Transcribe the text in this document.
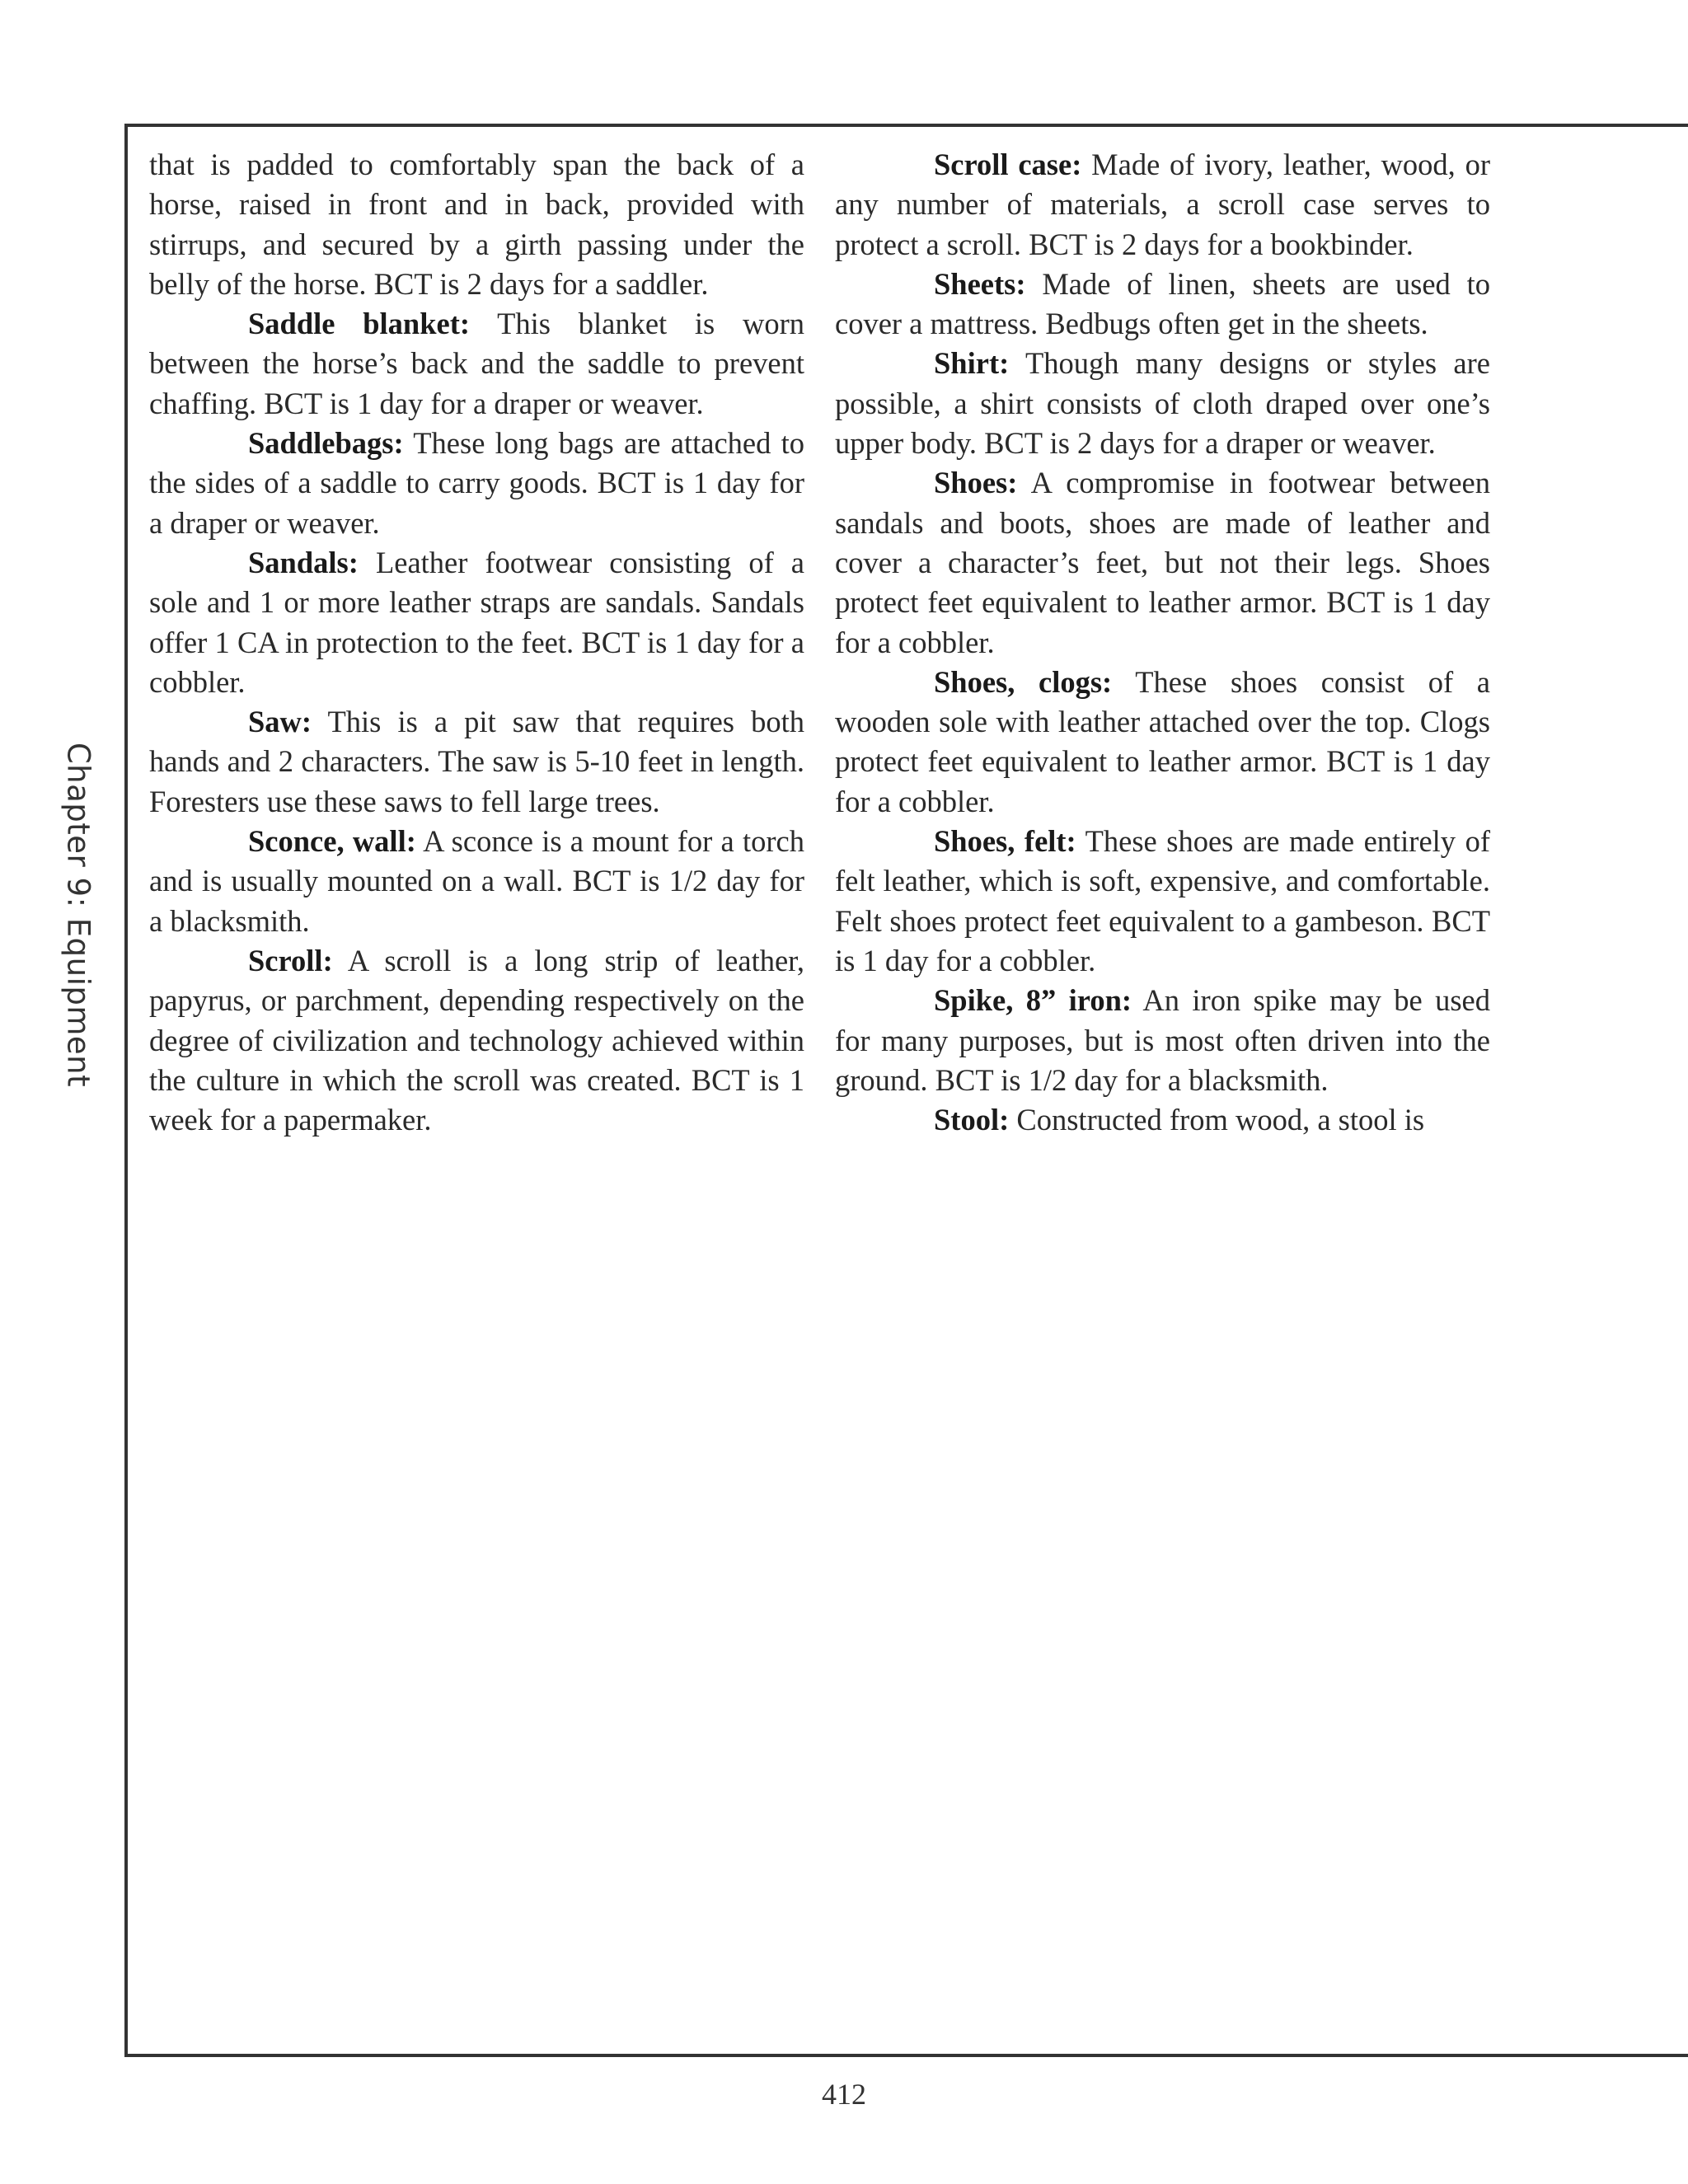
Chapter 9: Equipment

that is padded to comfortably span the back of a horse, raised in front and in back, provided with stirrups, and secured by a girth passing under the belly of the horse. BCT is 2 days for a saddler.

Saddle blanket: This blanket is worn between the horse’s back and the saddle to prevent chaffing. BCT is 1 day for a draper or weaver.

Saddlebags: These long bags are attached to the sides of a saddle to carry goods. BCT is 1 day for a draper or weaver.

Sandals: Leather footwear consisting of a sole and 1 or more leather straps are sandals. Sandals offer 1 CA in protection to the feet. BCT is 1 day for a cobbler.

Saw: This is a pit saw that requires both hands and 2 characters. The saw is 5-10 feet in length. Foresters use these saws to fell large trees.

Sconce, wall: A sconce is a mount for a torch and is usually mounted on a wall. BCT is 1/2 day for a blacksmith.

Scroll: A scroll is a long strip of leather, papyrus, or parchment, depending respectively on the degree of civilization and technology achieved within the culture in which the scroll was created. BCT is 1 week for a papermaker.

Scroll case: Made of ivory, leather, wood, or any number of materials, a scroll case serves to protect a scroll. BCT is 2 days for a bookbinder.

Sheets: Made of linen, sheets are used to cover a mattress. Bedbugs often get in the sheets.

Shirt: Though many designs or styles are possible, a shirt consists of cloth draped over one’s upper body. BCT is 2 days for a draper or weaver.

Shoes: A compromise in footwear between sandals and boots, shoes are made of leather and cover a character’s feet, but not their legs. Shoes protect feet equivalent to leather armor. BCT is 1 day for a cobbler.

Shoes, clogs: These shoes consist of a wooden sole with leather attached over the top. Clogs protect feet equivalent to leather armor. BCT is 1 day for a cobbler.

Shoes, felt: These shoes are made entirely of felt leather, which is soft, expensive, and comfortable. Felt shoes protect feet equivalent to a gambeson. BCT is 1 day for a cobbler.

Spike, 8” iron: An iron spike may be used for many purposes, but is most often driven into the ground. BCT is 1/2 day for a blacksmith.

Stool: Constructed from wood, a stool is

412
